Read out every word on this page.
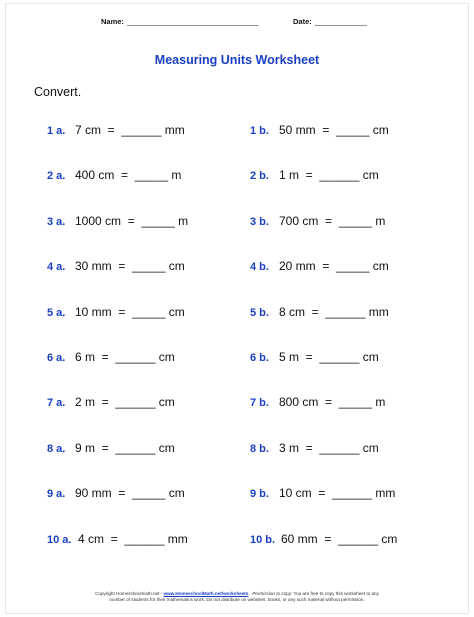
Name: _________________________________	Date: _____________
Measuring Units Worksheet
Convert.
1 a. 7 cm  =  ______ mm	1 b. 50 mm  =  _____ cm
2 a. 400 cm  =  _____ m	2 b. 1 m  =  ______ cm
3 a. 1000 cm  =  _____ m	3 b. 700 cm  =  _____ m
4 a. 30 mm  =  _____ cm	4 b. 20 mm  =  _____ cm
5 a. 10 mm  =  _____ cm	5 b. 8 cm  =  ______ mm
6 a. 6 m  =  ______ cm	6 b. 5 m  =  ______ cm
7 a. 2 m  =  ______ cm	7 b. 800 cm  =  _____ m
8 a. 9 m  =  ______ cm	8 b. 3 m  =  ______ cm
9 a. 90 mm  =  _____ cm	9 b. 10 cm  =  ______ mm
10 a. 4 cm  =  ______ mm	10 b. 60 mm  =  ______ cm
Copyright Homeschoolmath.net - www.HomeschoolMath.net/worksheets.  Permission to copy: You are free to copy this worksheet to any
number of students for their mathematics work. Do not distribute on websites, books, or any such material without permission.
